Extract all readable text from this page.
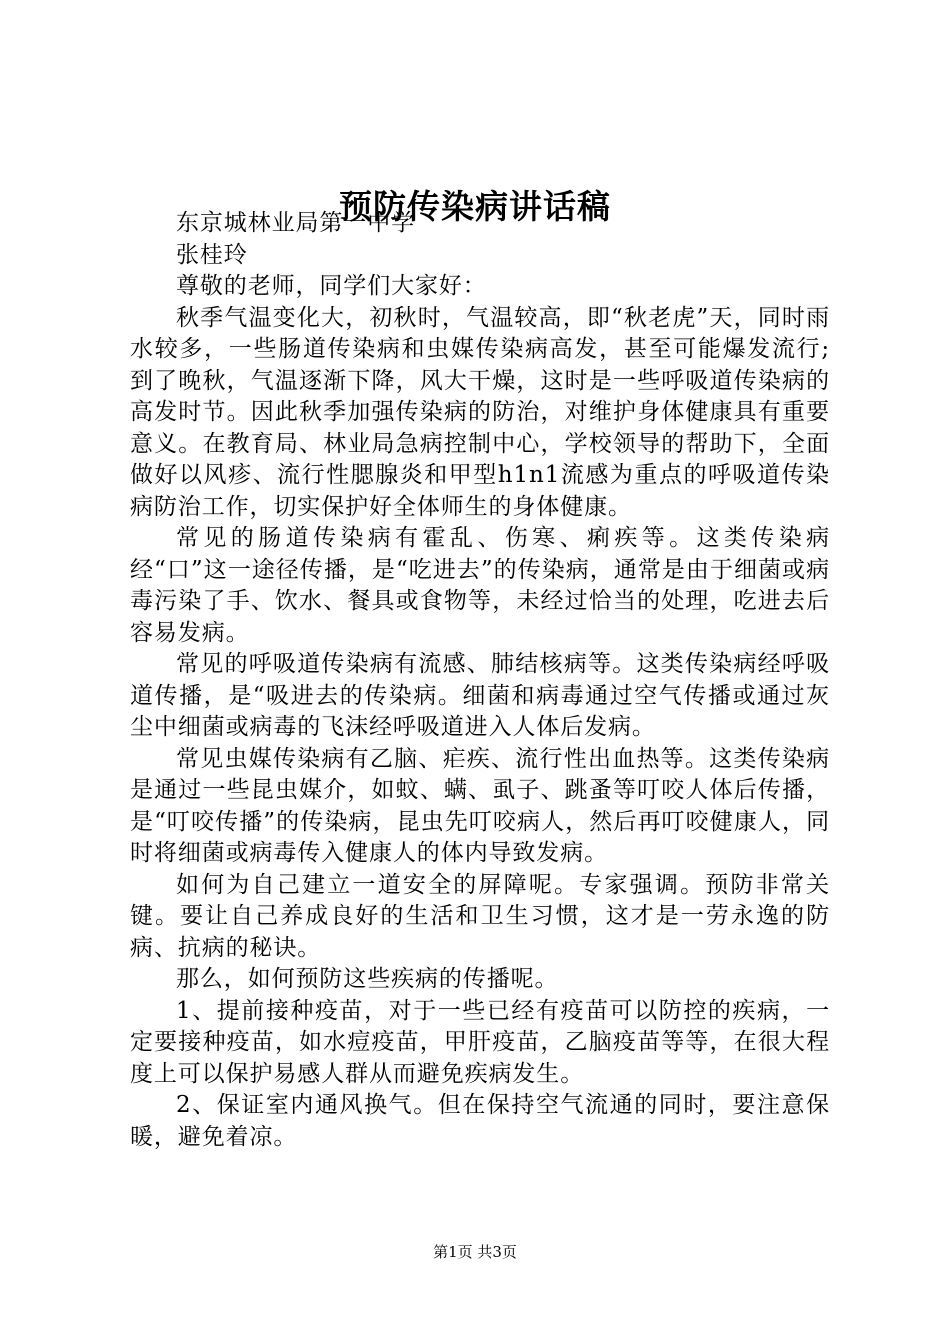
预防传染病讲话稿

东京城林业局第一中学

张桂玲

尊敬的老师，同学们大家好：

秋季气温变化大，初秋时，气温较高，即“秋老虎”天，同时雨水较多，一些肠道传染病和虫媒传染病高发，甚至可能爆发流行;到了晚秋，气温逐渐下降，风大干燥，这时是一些呼吸道传染病的高发时节。因此秋季加强传染病的防治，对维护身体健康具有重要意义。在教育局、林业局急病控制中心，学校领导的帮助下，全面做好以风疹、流行性腮腺炎和甲型h1n1流感为重点的呼吸道传染病防治工作，切实保护好全体师生的身体健康。

常见的肠道传染病有霍乱、伤寒、痢疾等。这类传染病经“口”这一途径传播，是“吃进去”的传染病，通常是由于细菌或病毒污染了手、饮水、餐具或食物等，未经过恰当的处理，吃进去后容易发病。

常见的呼吸道传染病有流感、肺结核病等。这类传染病经呼吸道传播，是“吸进去的传染病。细菌和病毒通过空气传播或通过灰尘中细菌或病毒的飞沫经呼吸道进入人体后发病。

常见虫媒传染病有乙脑、疟疾、流行性出血热等。这类传染病是通过一些昆虫媒介，如蚊、螨、虱子、跳蚤等叮咬人体后传播，是“叮咬传播”的传染病，昆虫先叮咬病人，然后再叮咬健康人，同时将细菌或病毒传入健康人的体内导致发病。

如何为自己建立一道安全的屏障呢。专家强调。预防非常关键。要让自己养成良好的生活和卫生习惯，这才是一劳永逸的防病、抗病的秘诀。

那么，如何预防这些疾病的传播呢。

1、提前接种疫苗，对于一些已经有疫苗可以防控的疾病，一定要接种疫苗，如水痘疫苗，甲肝疫苗，乙脑疫苗等等，在很大程度上可以保护易感人群从而避免疾病发生。

2、保证室内通风换气。但在保持空气流通的同时，要注意保暖，避免着凉。

第1页 共3页
